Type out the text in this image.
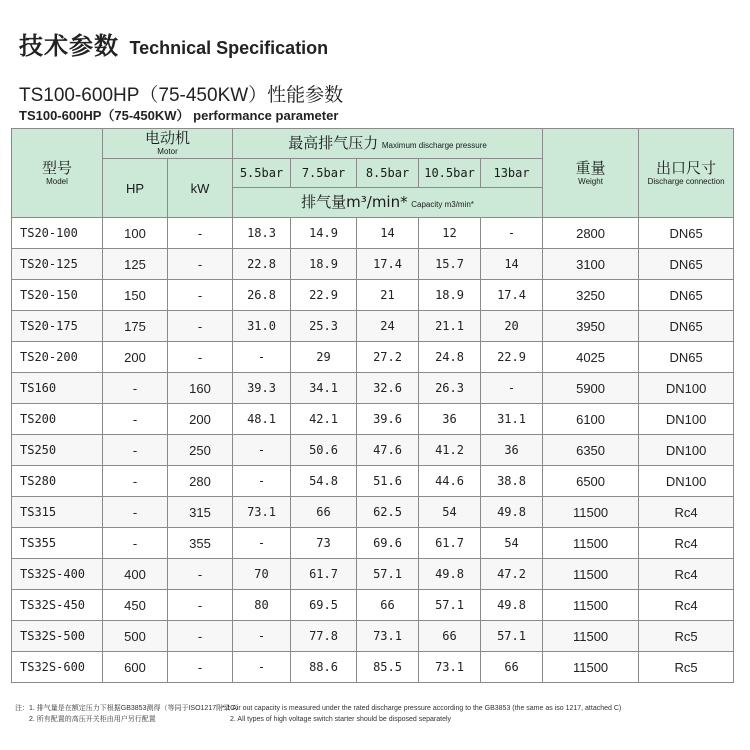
技术参数 Technical Specification
TS100-600HP（75-450KW）性能参数
TS100-600HP（75-450KW） performance parameter
型号
Model	电动机
Motor		最高排气压力 Maximum discharge pressure					重量
Weight	出口尺寸
Discharge connection

	HP	kW	5.5bar	7.5bar	8.5bar	10.5bar	13bar		
			排气量m³/min* Capacity m3/min*						
TS20-100	100	-	18.3	14.9	14	12	-	2800	DN65
TS20-125	125	-	22.8	18.9	17.4	15.7	14	3100	DN65
TS20-150	150	-	26.8	22.9	21	18.9	17.4	3250	DN65
TS20-175	175	-	31.0	25.3	24	21.1	20	3950	DN65
TS20-200	200	-	-	29	27.2	24.8	22.9	4025	DN65
TS160	-	160	39.3	34.1	32.6	26.3	-	5900	DN100
TS200	-	200	48.1	42.1	39.6	36	31.1	6100	DN100
TS250	-	250	-	50.6	47.6	41.2	36	6350	DN100
TS280	-	280	-	54.8	51.6	44.6	38.8	6500	DN100
TS315	-	315	73.1	66	62.5	54	49.8	11500	Rc4
TS355	-	355	-	73	69.6	61.7	54	11500	Rc4
TS32S-400	400	-	70	61.7	57.1	49.8	47.2	11500	Rc4
TS32S-450	450	-	80	69.5	66	57.1	49.8	11500	Rc4
TS32S-500	500	-	-	77.8	73.1	66	57.1	11500	Rc5
TS32S-600	600	-	-	88.6	85.5	73.1	66	11500	Rc5
注：1. 排气量是在额定压力下根据GB3853测得（等同于ISO1217附录C）
2. 所有配置的高压开关柜由用户另行配置
*:1 Air out capacity is measured under the rated discharge pressure according to the GB3853 (the same as iso 1217, attached C)
2. All types of high voltage switch starter should be disposed separately
